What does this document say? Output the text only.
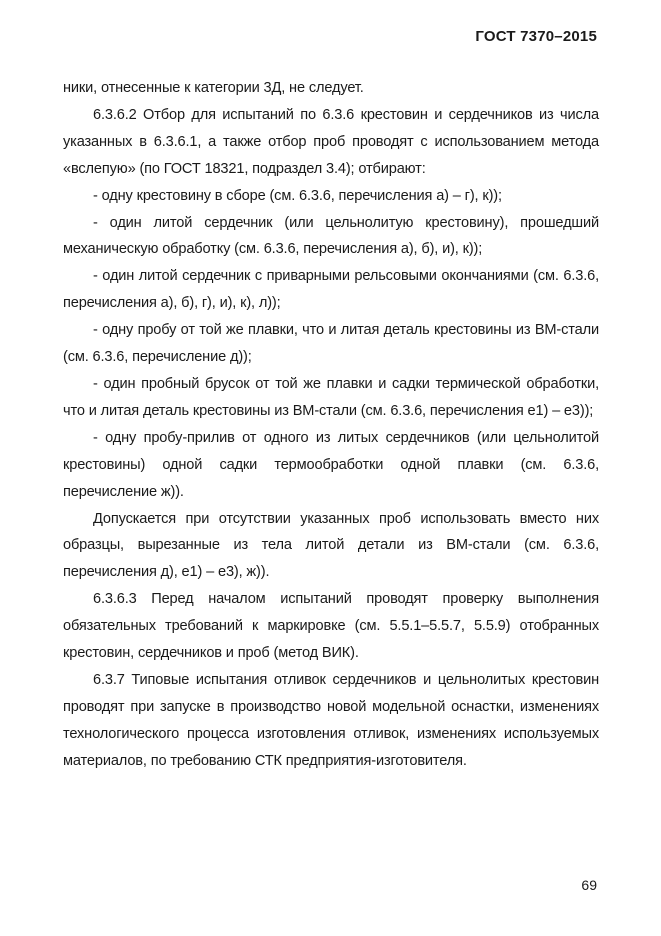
ГОСТ 7370–2015

ники, отнесенные к категории 3Д, не следует.

6.3.6.2 Отбор для испытаний по 6.3.6 крестовин и сердечников из числа указанных в 6.3.6.1, а также отбор проб проводят с использованием метода «вслепую» (по ГОСТ 18321, подраздел 3.4); отбирают:

- одну крестовину в сборе (см. 6.3.6, перечисления а) – г), к));

- один литой сердечник (или цельнолитую крестовину), прошедший механическую обработку (см. 6.3.6, перечисления а), б), и), к));

- один литой сердечник с приварными рельсовыми окончаниями (см. 6.3.6, перечисления а), б), г), и), к), л));

- одну пробу от той же плавки, что и литая деталь крестовины из ВМ-стали (см. 6.3.6, перечисление д));

- один пробный брусок от той же плавки и садки термической обработки, что и литая деталь крестовины из ВМ-стали (см. 6.3.6, перечисления е1) – е3));

- одну пробу-прилив от одного из литых сердечников (или цельнолитой крестовины) одной садки термообработки одной плавки (см. 6.3.6, перечисление ж)).

Допускается при отсутствии указанных проб использовать вместо них образцы, вырезанные из тела литой детали из ВМ-стали (см. 6.3.6, перечисления д), е1) – е3), ж)).

6.3.6.3 Перед началом испытаний проводят проверку выполнения обязательных требований к маркировке (см. 5.5.1–5.5.7, 5.5.9) отобранных крестовин, сердечников и проб (метод ВИК).

6.3.7 Типовые испытания отливок сердечников и цельнолитых крестовин проводят при запуске в производство новой модельной оснастки, изменениях технологического процесса изготовления отливок, изменениях используемых материалов, по требованию СТК предприятия-изготовителя.

69
